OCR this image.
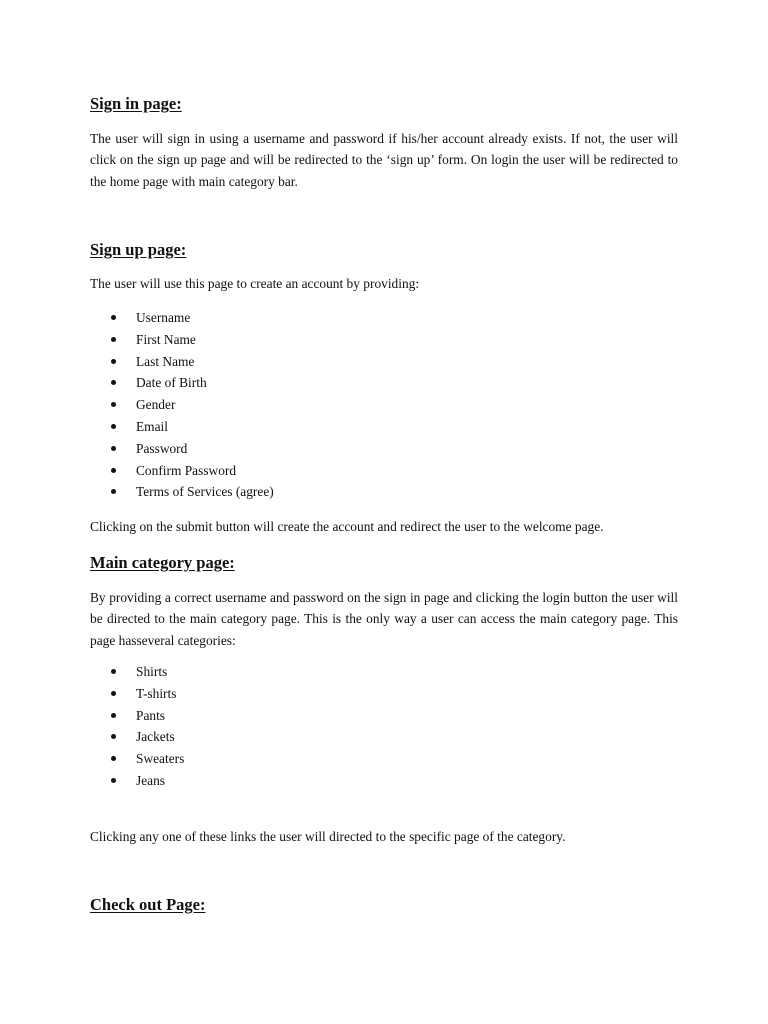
Sign in page:
The user will sign in using a username and password if his/her account already exists. If not, the user will click on the sign up page and will be redirected to the ‘sign up’ form. On login the user will be redirected to the home page with main category bar.
Sign up page:
The user will use this page to create an account by providing:
Username
First Name
Last Name
Date of Birth
Gender
Email
Password
Confirm Password
Terms of Services (agree)
Clicking on the submit button will create the account and redirect the user to the welcome page.
Main category page:
By providing a correct username and password on the sign in page and clicking the login button the user will be directed to the main category page. This is the only way a user can access the main category page. This page hasseveral categories:
Shirts
T-shirts
Pants
Jackets
Sweaters
Jeans
Clicking any one of these links the user will directed to the specific page of the category.
Check out Page:
